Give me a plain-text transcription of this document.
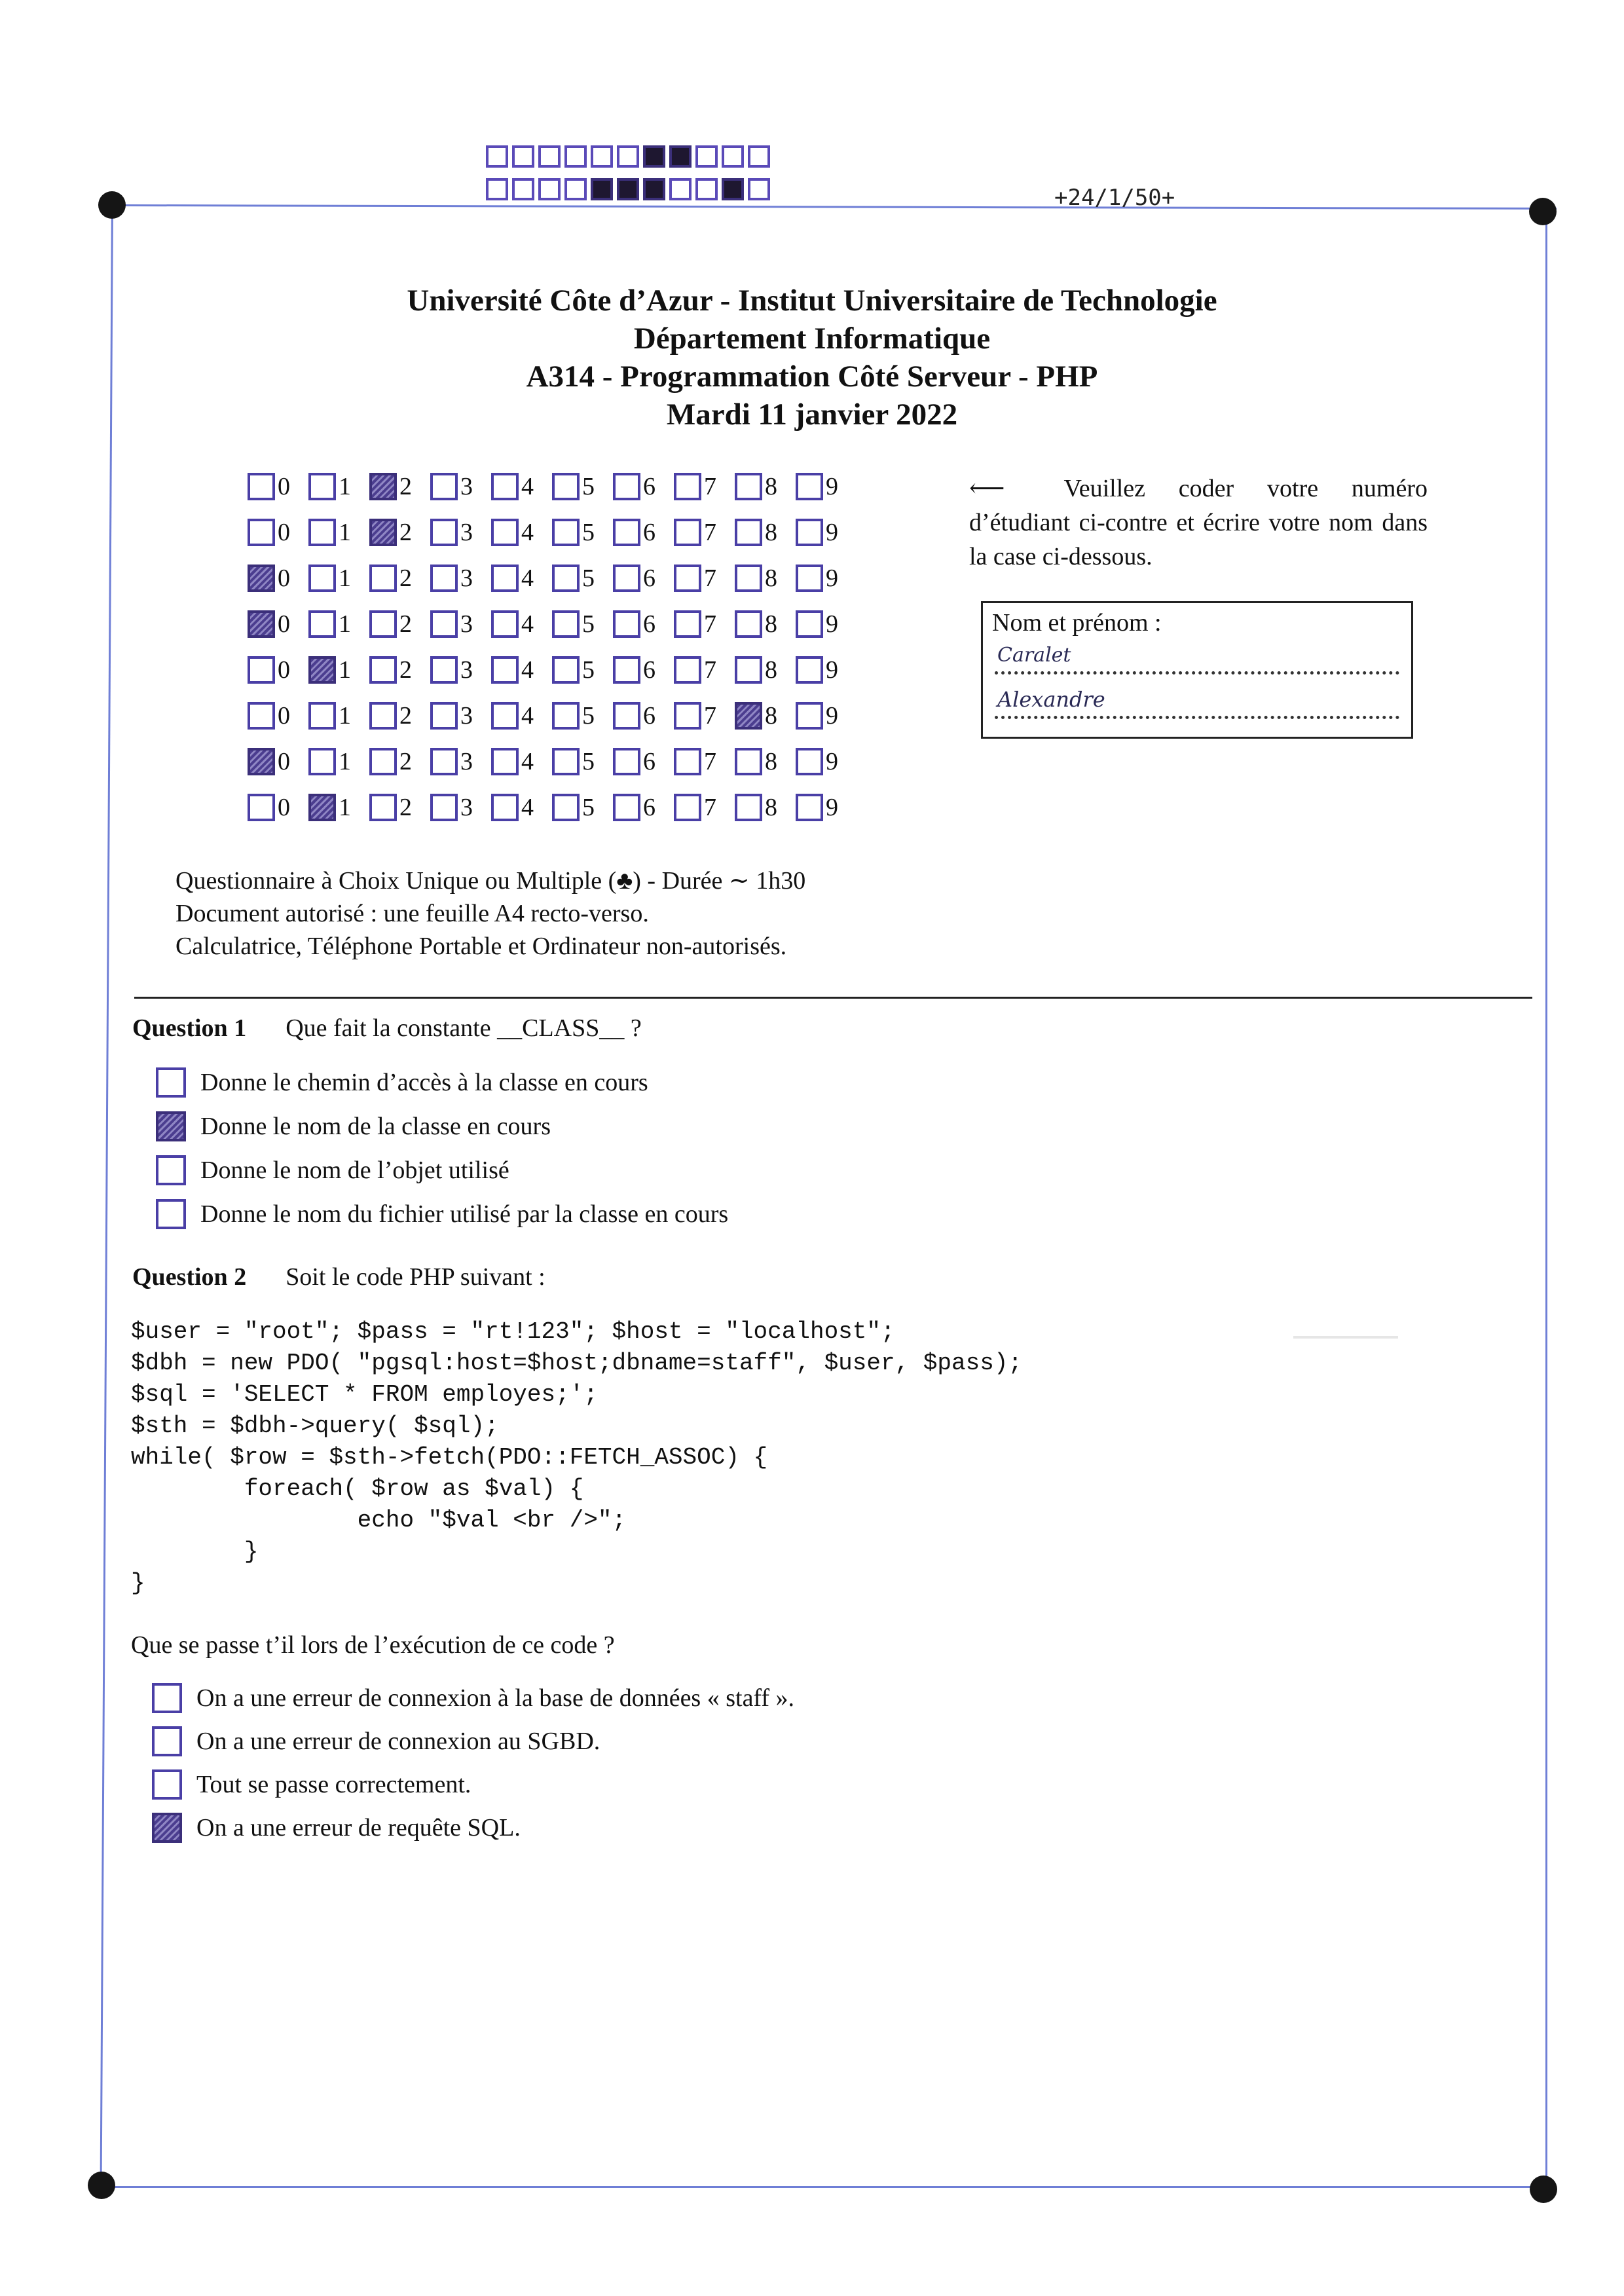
+24/1/50+
Université Côte d’Azur - Institut Universitaire de Technologie
Département Informatique
A314 - Programmation Côté Serveur - PHP
Mardi 11 janvier 2022
0 1 2 3 4 5 6 7 8 9
0 1 2 3 4 5 6 7 8 9
0 1 2 3 4 5 6 7 8 9
0 1 2 3 4 5 6 7 8 9
0 1 2 3 4 5 6 7 8 9
0 1 2 3 4 5 6 7 8 9
0 1 2 3 4 5 6 7 8 9
0 1 2 3 4 5 6 7 8 9
⟵ Veuillez coder votre numéro d’étudiant ci-contre et écrire votre nom dans la case ci-dessous.
Nom et prénom :
Caralet
Alexandre
Questionnaire à Choix Unique ou Multiple (♣) - Durée ∼ 1h30
Document autorisé : une feuille A4 recto-verso.
Calculatrice, Téléphone Portable et Ordinateur non-autorisés.
Question 1 Que fait la constante __CLASS__ ?
Donne le chemin d’accès à la classe en cours
Donne le nom de la classe en cours
Donne le nom de l’objet utilisé
Donne le nom du fichier utilisé par la classe en cours
Question 2 Soit le code PHP suivant :
$user = "root"; $pass = "rt!123"; $host = "localhost";
$dbh = new PDO( "pgsql:host=$host;dbname=staff", $user, $pass);
$sql = 'SELECT * FROM employes;';
$sth = $dbh->query( $sql);
while( $row = $sth->fetch(PDO::FETCH_ASSOC) {
foreach( $row as $val) {
echo "$val <br />";
}
}
Que se passe t’il lors de l’exécution de ce code ?
On a une erreur de connexion à la base de données « staff ».
On a une erreur de connexion au SGBD.
Tout se passe correctement.
On a une erreur de requête SQL.
